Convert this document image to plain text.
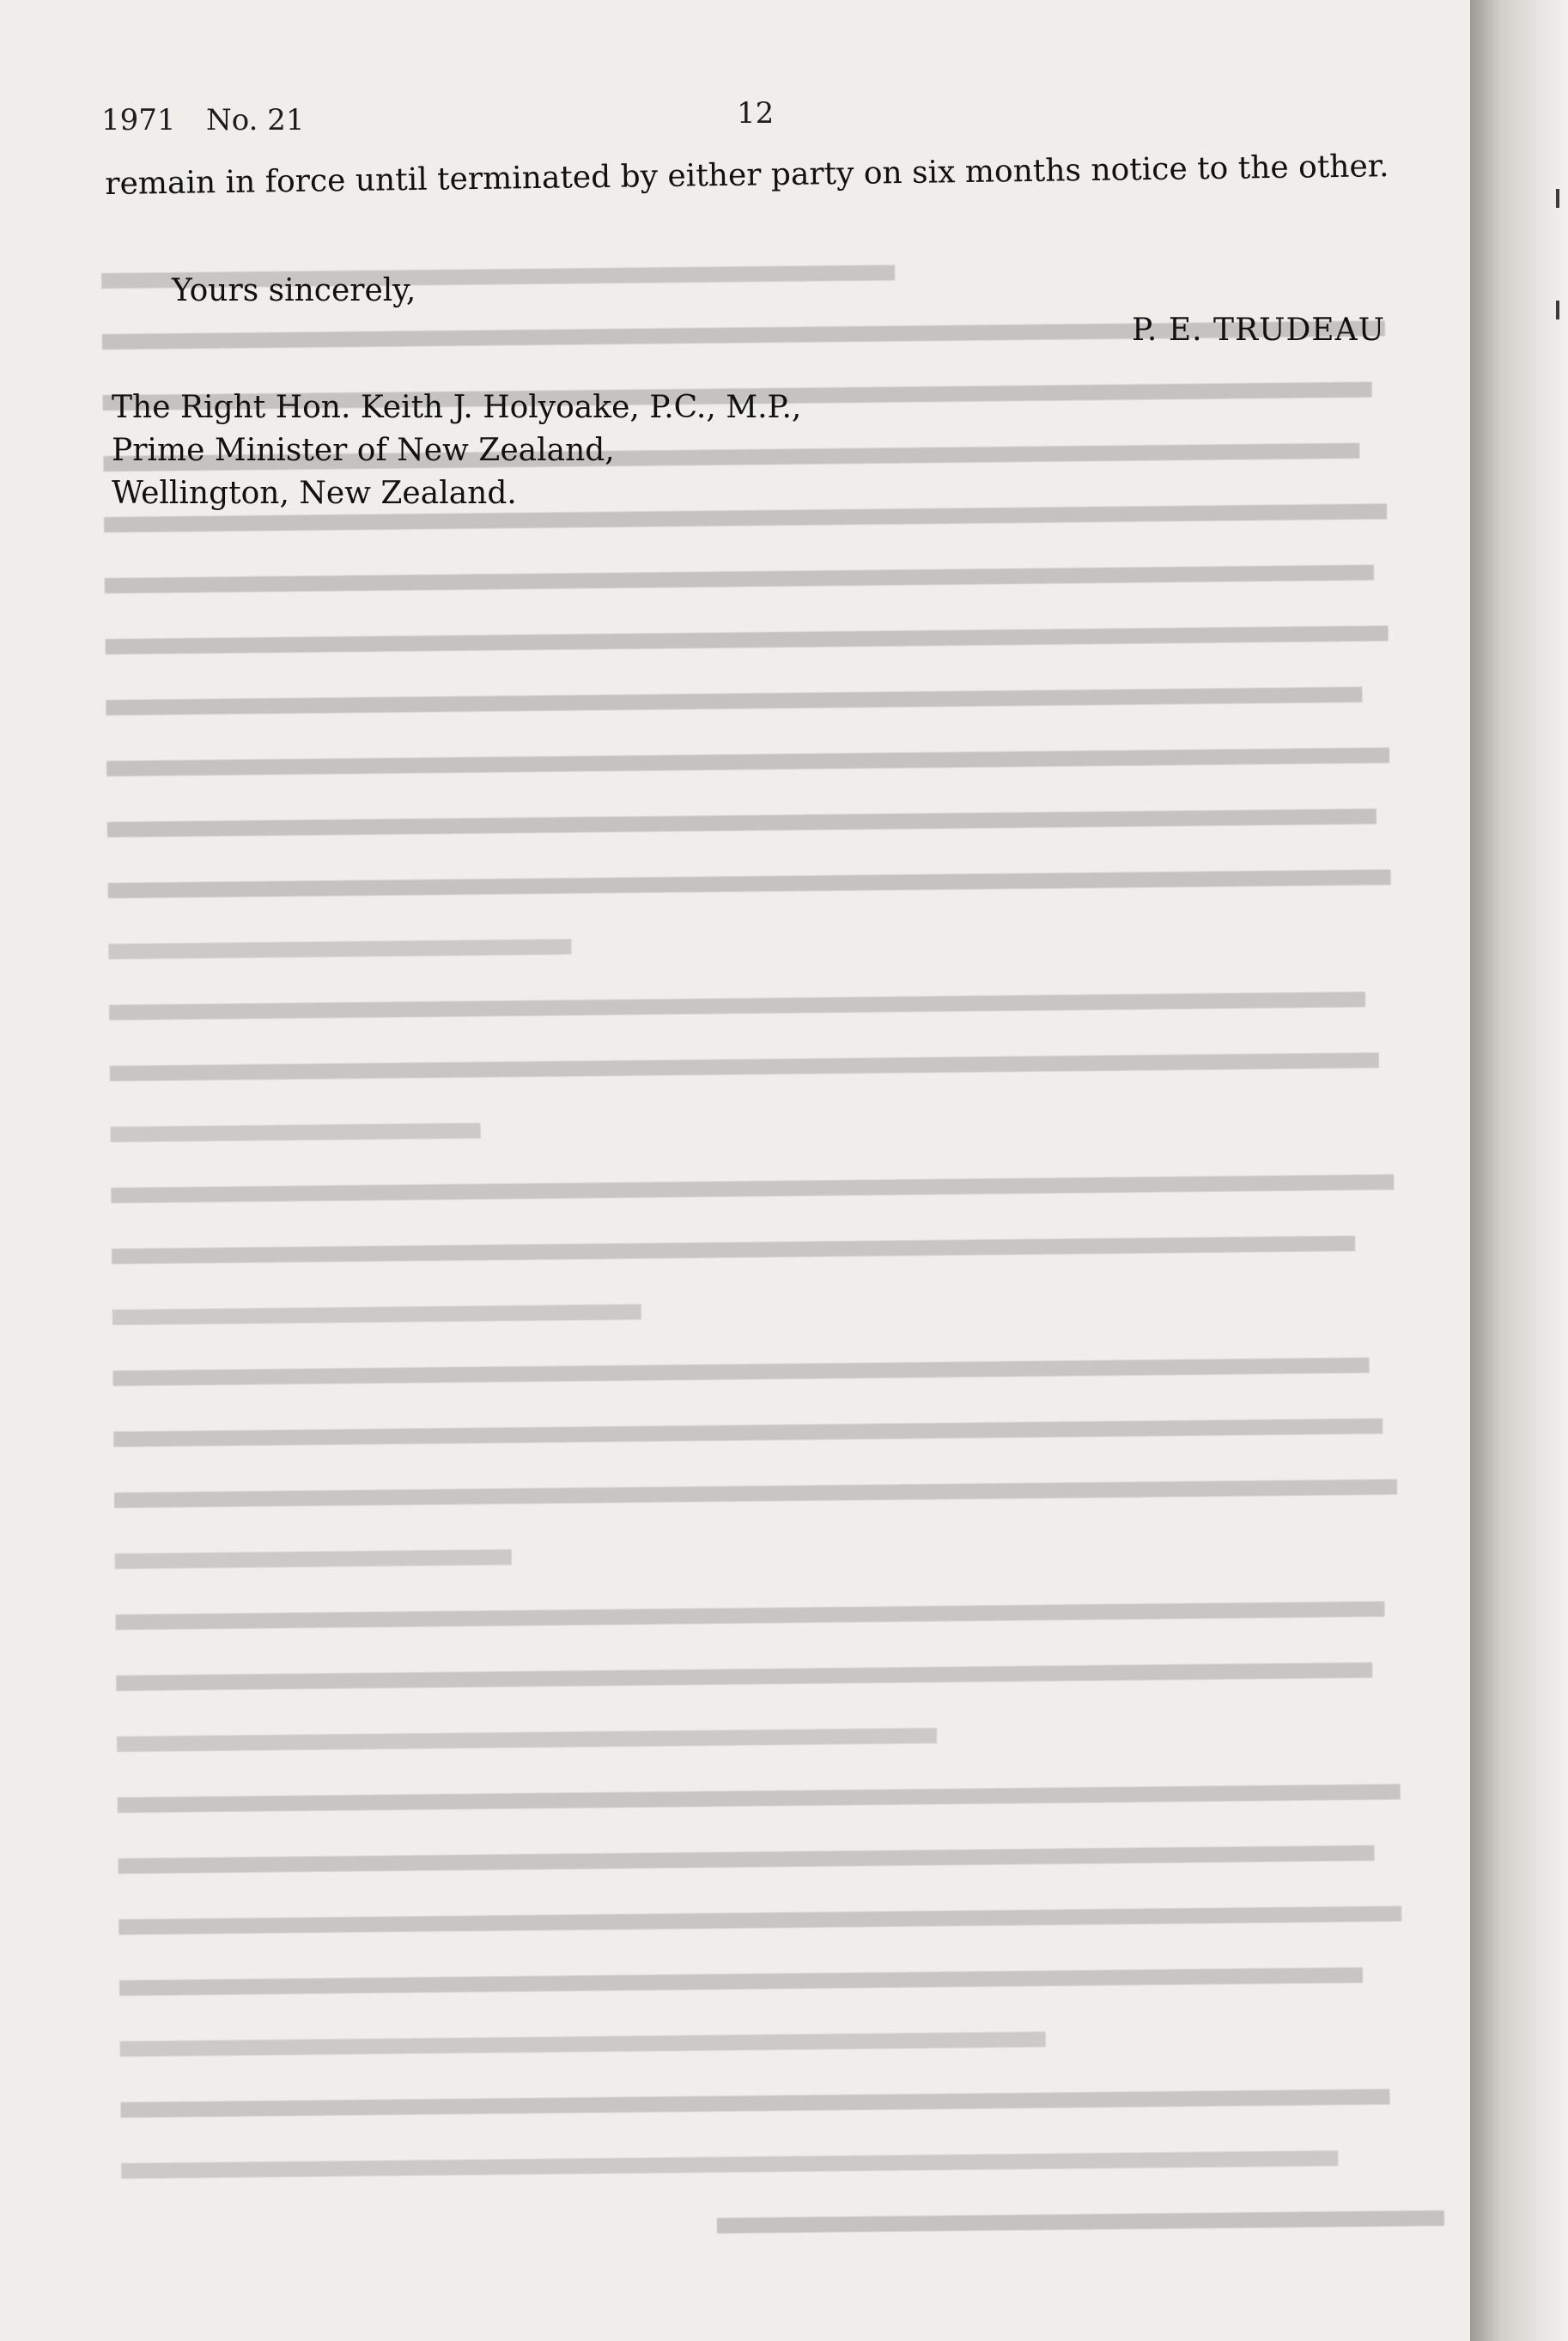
1971 No. 21	12
remain in force until terminated by either party on six months notice to the other.
Yours sincerely,
P. E. TRUDEAU
The Right Hon. Keith J. Holyoake, P.C., M.P.,
Prime Minister of New Zealand,
Wellington, New Zealand.
